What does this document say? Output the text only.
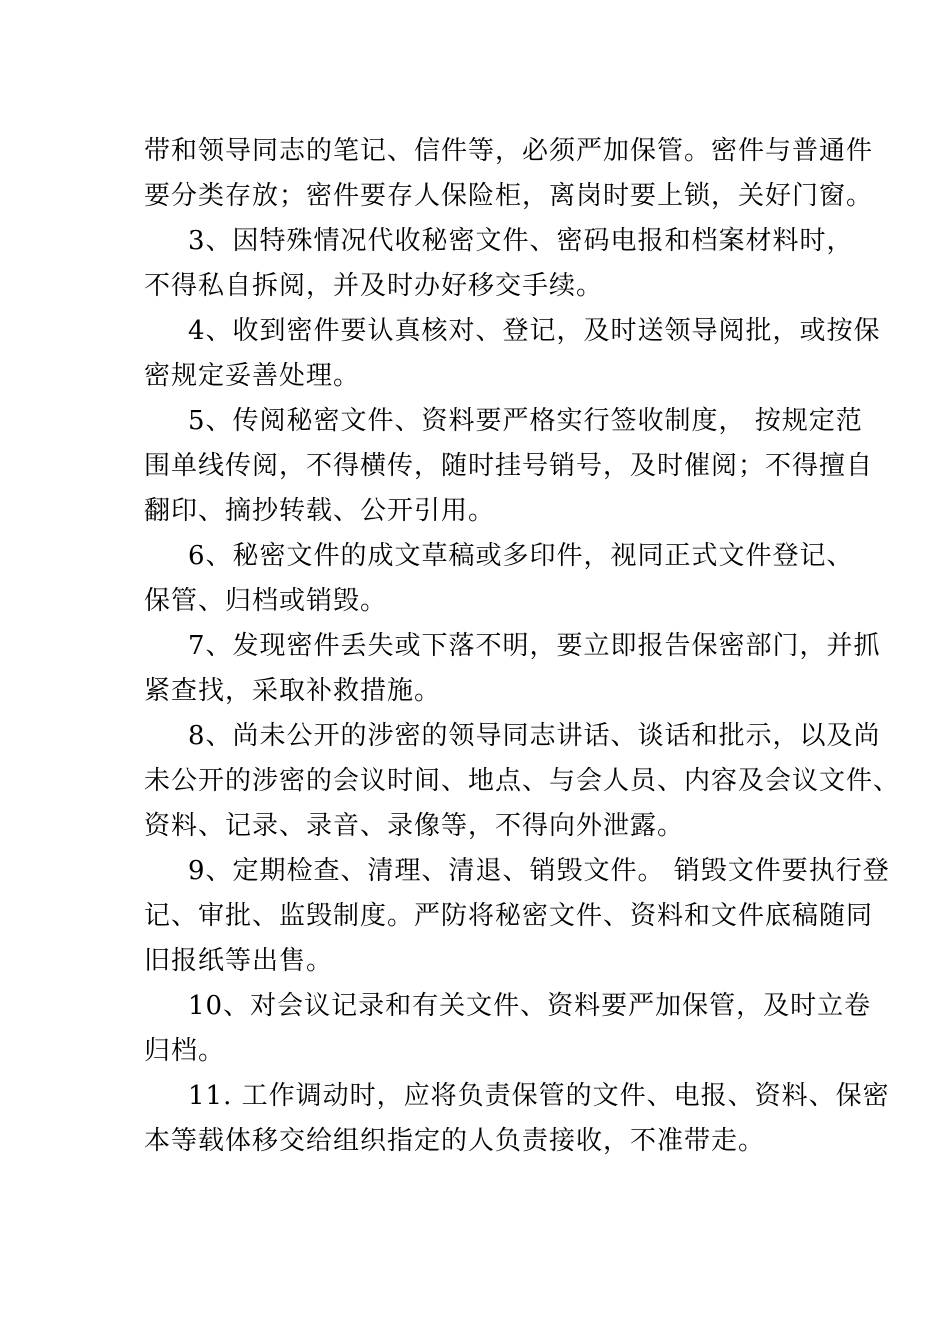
带和领导同志的笔记、信件等，必须严加保管。密件与普通件
要分类存放；密件要存人保险柜，离岗时要上锁，关好门窗。
3、因特殊情况代收秘密文件、密码电报和档案材料时，
不得私自拆阅，并及时办好移交手续。
4、收到密件要认真核对、登记，及时送领导阅批，或按保
密规定妥善处理。
5、传阅秘密文件、资料要严格实行签收制度， 按规定范
围单线传阅，不得横传，随时挂号销号，及时催阅；不得擅自
翻印、摘抄转载、公开引用。
6、秘密文件的成文草稿或多印件，视同正式文件登记、
保管、归档或销毁。
7、发现密件丢失或下落不明，要立即报告保密部门，并抓
紧查找，采取补救措施。
8、尚未公开的涉密的领导同志讲话、谈话和批示，以及尚
未公开的涉密的会议时间、地点、与会人员、内容及会议文件、
资料、记录、录音、录像等，不得向外泄露。
9、定期检查、清理、清退、销毁文件。 销毁文件要执行登
记、审批、监毁制度。严防将秘密文件、资料和文件底稿随同
旧报纸等出售。
10、对会议记录和有关文件、资料要严加保管，及时立卷
归档。
11. 工作调动时，应将负责保管的文件、电报、资料、保密
本等载体移交给组织指定的人负责接收，不准带走。
